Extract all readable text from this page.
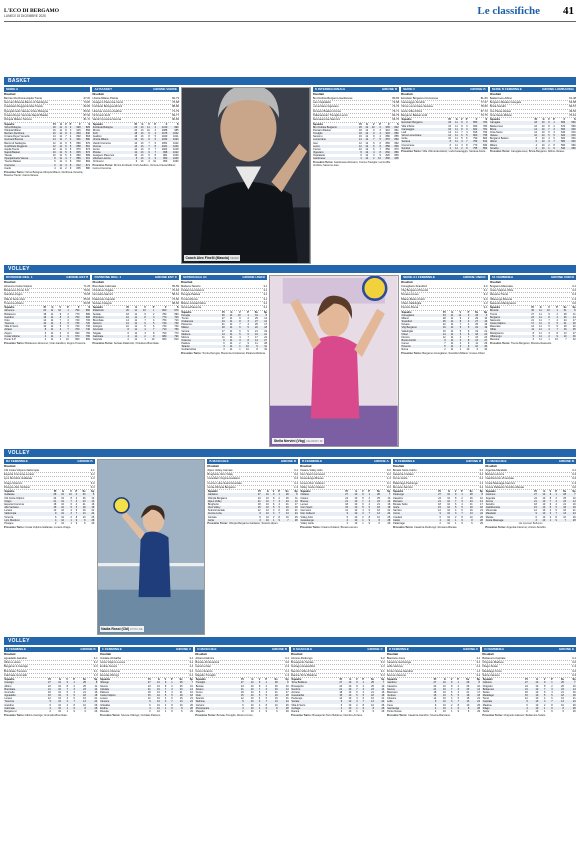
L'ECO DI BERGAMO
LUNEDÌ 15 DICEMBRE 2025	Le classifiche 41
BASKET
SERIE A
Risultati
Bertram Derthona-Aquila Trento	67-60
Germani Brescia-Banco di Sardegna	73-87
UnaHotels Reggio Emilia-Trieste	82-80
Openjobmetis Varese-Virtus Bologna	83-93
Umana Reyer Venezia-Napoli Basket	87-93
Olimpia Milano-Tortona	81-74
Squadre	Pt	G	V	P	F	S
Virtus Bologna	18	11	9	2	920	829
Olimpia Milano	16	11	8	3	915	856
Bertram Derthona	16	11	8	3	893	840
Umana Reyer Venezia	14	11	7	4	892	863
Germani Brescia	14	11	7	4	901	880
Banco di Sardegna	12	11	6	5	880	870
UnaHotels Reggio E.	12	11	6	5	858	861
Aquila Trento	12	11	6	5	870	874
Napoli Basket	10	11	5	6	845	872
Trieste	10	11	5	6	860	889
Openjobmetis Varese	8	11	4	7	866	901
Treviso Basket	6	11	3	8	830	884
Cremona	6	11	3	8	812	871
Cantù	4	11	2	9	805	880
Prossimo Turno: Virtus Bologna-Olimpia Milano; Derthona-Venezia; Brescia-Trento; Cantù-Varese.
A2 BASKET	GIRONE VERDE
Risultati
Urania Milano-Pistoia	82-73
Assigeco Piacenza-Cento	76-68
Fortitudo Bologna-Rimini	88-80
Libertas Livorno-Avellino	71-79
Orzinuovi-Forlì	69-77
Vanoli Cremona-Verona	90-84
Squadre	Pt	G	V	P	F	S
Fortitudo Bologna	22	13	11	2	1110	990
Rimini	20	13	10	3	1088	985
Forlì	18	13	9	4	1075	1002
Avellino	16	13	8	5	1040	1011
Urania Milano	16	13	8	5	1032	1020
Vanoli Cremona	14	13	7	6	1051	1042
Verona	14	13	7	6	1021	1030
Cento	12	13	6	7	1004	1018
Pistoia	12	13	6	7	998	1022
Assigeco Piacenza	10	13	5	8	981	1030
Libertas Livorno	8	13	4	9	960	1040
Orzinuovi	6	13	3	10	950	1060
Prossimo Turno: Rimini-Fortitudo; Forlì-Avellino; Verona-Urania Milano; Cento-Cremona.
Coach Alex Finelli (Mascia) CESARI
B INTERREGIONALE	GIRONE B
Risultati
Blu Orobica Bergamo-Gardonese	80-65
Iseo-Ospitaletto	72-68
Lumezzane-Vigevano	74-70
Romano Basket-Crema	76-71
Pallacanestro Treviglio-Lecco	84-79
Sanmaurense-Saronno	66-70
Squadre	Pt	G	V	P	F	S
Blu Orobica Bergamo	20	12	10	2	935	842
Romano Basket	18	12	9	3	910	861
Treviglio	18	12	9	3	903	850
Saronno	16	12	8	4	880	855
Lumezzane	14	12	7	5	870	860
Iseo	12	12	6	6	865	862
Lecco	12	12	6	6	858	866
Crema	10	12	5	7	850	870
Vigevano	8	12	4	8	832	880
Ospitaletto	6	12	3	9	820	890
Gardonese	4	12	2	10	800	905
Prossimo Turno: Gardonese-Romano; Crema-Treviglio; Lecco-Blu Orobica; Saronno-Iseo.
SERIE C	GIRONE B
Risultati
Excelsior Bergamo-Cremonese	81-69
Caravaggio-Sondrio	77-67
Virtus Lumezzane-Seriana	78-66
Gorle-Villa d'Almè	67-73
Bergamo Basket-Lodi	70-75
Squadre	Pt	G	V	P	F	S
Excelsior Bergamo	18	11	9	2	850	760
Villa d'Almè	16	11	8	3	830	780
Caravaggio	16	11	8	3	822	781
Lodi	14	11	7	4	815	790
Virtus Lumezzane	12	11	6	5	800	795
Gorle	10	11	5	6	790	800
Seriana	8	11	4	7	780	812
Cremonese	6	11	3	8	770	830
Sondrio	4	11	2	9	755	850
Prossimo Turno: Villa d'Almè-Excelsior; Lodi-Caravaggio; Seriana-Gorle.
SERIE B FEMMINILE	GIRONE LOMBARDIA
Risultati
Basket Iseo-Albino	61-48
Bergamo Basket-Carugate	53-58
Brixia-Sondrio	66-57
Cus Pavia-Varese	49-52
Orsa Sesto-Milano	70-61
Squadre	Pt	G	V	P	F	S
Carugate	18	10	9	1	690	560
Basket Iseo	16	10	8	2	670	590
Brixia	14	10	7	3	650	600
Orsa Sesto	12	10	6	4	640	610
Varese	10	10	5	5	620	615
Bergamo Basket	8	10	4	6	600	630
Albino	6	10	3	7	580	640
Milano	4	10	2	8	560	660
Sondrio	2	10	1	9	540	680
Prossimo Turno: Carugate-Iseo; Brixia-Bergamo; Albino-Varese.
VOLLEY
DIVISIONE REG. 1	GIRONE EST B
Risultati
Almenno-Costa Volpino	71-66
Bottanuco-Ponte S.P.	79-63
Gandino-Zogno	70-55
Villa di Serio-Osio	65-69
Trescore-Alzano	60-58
Squadre	Pt	G	V	P	F	S
Almenno	20	11	10	1	790	660
Bottanuco	18	11	9	2	770	680
Gandino	16	11	8	3	760	690
Osio	14	11	7	4	740	700
Trescore	12	11	6	5	730	720
Villa di Serio	10	11	5	6	720	730
Alzano	8	11	4	7	700	740
Zogno	6	11	3	8	690	760
Costa Volpino	4	11	2	9	670	780
Ponte S.P.	2	11	1	10	650	800
Prossimo Turno: Bottanuco-Almenno; Osio-Gandino; Zogno-Trescore.
DIVISIONE REG. 1	GIRONE EST C
Risultati
Brembate-Calcinate	65-59
Chiuduno-Telgate	70-64
Grumello-Sarnico	58-61
Palazzolo-Capriolo	72-60
Seriate-Cologno	68-66
Squadre	Pt	G	V	P	F	S
Palazzolo	20	11	10	1	800	670
Seriate	18	11	9	2	780	690
Chiuduno	16	11	8	3	770	700
Brembate	14	11	7	4	750	710
Sarnico	12	11	6	5	740	730
Cologno	10	11	5	6	730	740
Grumello	8	11	4	7	710	750
Telgate	6	11	3	8	700	770
Calcinate	4	11	2	9	680	790
Capriolo	2	11	1	10	660	810
Prossimo Turno: Seriate-Palazzolo; Chiuduno-Brembate.
SUPERLEGA A1	GIRONE UNICO
Risultati
Modena-Taranto	3-0
Civitanova-Cisterna	3-1
Perugia-Padova	3-0
Trento-Monza	3-2
Milano-Grottazzolina	3-1
Verona-Piacenza	3-2
Squadre	Pt	G	V	P	Sv	Sp
Perugia	30	11	10	1	31	8
Trento	27	11	9	2	29	12
Civitanova	24	11	8	3	27	14
Piacenza	21	11	7	4	25	17
Milano	18	11	6	5	22	18
Verona	17	11	6	5	21	19
Modena	14	11	5	6	19	21
Monza	11	11	4	7	17	24
Cisterna	9	11	3	8	14	27
Padova	6	11	2	9	11	28
Taranto	4	11	1	10	9	31
Grottazzolina	3	11	1	10	8	32
Prossimo Turno: Trento-Perugia; Piacenza-Civitanova; Padova-Modena.
Stella Nervini (Vbg) GALOSATI / FF
SERIE A1 FEMMINILE	GIRONE UNICO
Risultati
Conegliano-Scandicci	3-0
Vbg Bergamo-Pinerolo	3-1
Novara-Cuneo	3-2
Milano-Busto Arsizio	3-0
Chieri-Vallefoglia	1-3
Firenze-Roma	3-1
Squadre	Pt	G	V	P	Sv	Sp
Conegliano	33	11	11	0	33	3
Milano	28	11	9	2	29	10
Scandicci	25	11	8	3	27	13
Novara	22	11	7	4	25	16
Vbg Bergamo	19	11	6	5	22	19
Vallefoglia	16	11	5	6	19	21
Chieri	14	11	5	6	18	22
Firenze	12	11	4	7	16	24
Busto Arsizio	9	11	3	8	13	27
Cuneo	7	11	2	9	11	29
Pinerolo	5	11	2	9	10	30
Roma	2	11	1	10	6	32
Prossimo Turno: Bergamo-Conegliano; Scandicci-Milano; Cuneo-Chieri.
A1 FEMMINILE	GIRONE UNICO
Risultati
Bergamo-Macerata	3-1
Costa Volpino-Olbia	3-2
Messina-Trento	0-3
Offanengo-Brescia	1-3
Sassuolo-Martignacco	3-0
Squadre	Pt	G	V	P	Sv	Sp
Brescia	30	11	10	1	31	9
Trento	27	11	9	2	28	11
Bergamo	24	11	8	3	26	14
Sassuolo	21	11	7	4	24	17
Costa Volpino	17	11	6	5	21	20
Macerata	14	11	5	6	18	22
Olbia	11	11	4	7	16	25
Martignacco	8	11	3	8	13	27
Offanengo	5	11	2	9	10	30
Messina	3	11	1	10	7	32
Prossimo Turno: Trento-Bergamo; Brescia-Sassuolo.
VOLLEY
B2 FEMMINILE	GIRONE B
Risultati
Cbl Costa Volpino-Valtrompia	3-1
Esperia Cremona-Lurano	3-2
Lpm Mondovì-Gallarate	1-3
Orago-Vicenza	3-0
Pisogne-Alto Verbano	0-3
Squadre	Pt	G	V	P	Sv	Sp
Gallarate	28	10	10	0	30	5
Cbl Costa Volpino	24	10	8	2	26	10
Orago	21	10	7	3	23	13
Esperia Cremona	18	10	6	4	21	16
Alto Verbano	15	10	5	5	18	18
Lurano	12	10	4	6	16	21
Valtrompia	9	10	3	7	13	24
Vicenza	6	10	2	8	10	26
Lpm Mondovì	4	10	1	9	8	28
Pisogne	2	10	1	9	6	29
Prossimo Turno: Costa Volpino-Gallarate; Lurano-Orago.
Nadia Rossi (Cbl) FOTO LIVE
B MASCHILE	GIRONE B
Risultati
Alpen Volley-Carnate	3-1
Brugherio-Vero Volley	3-2
Canottieri Ongina-Garlasco	0-3
Cucine Lube-Scanzorosciate	3-1
Gorla-Olimpia Bergamo	1-3
Squadre	Pt	G	V	P	Sv	Sp
Garlasco	27	10	9	1	28	8
Olimpia Bergamo	24	10	8	2	26	11
Alpen Volley	21	10	7	3	23	14
Brugherio	18	10	6	4	21	17
Vero Volley	15	10	5	5	19	19
Scanzorosciate	12	10	4	6	16	21
Cucine Lube	9	10	3	7	13	24
Carnate	6	10	2	8	10	26
Gorla	3	10	1	9	7	28
Prossimo Turno: Olimpia Bergamo-Garlasco; Scanzo-Alpen.
B FEMMINILE	GIRONE A
Risultati
Cisano-Volley Adro	3-0
Csm Sport-Cernusco	3-2
Gossolengo-Bresso	1-3
Lemen-Don Colleoni	3-1
Volley Gorle-Ostiano	0-3
Squadre	Pt	G	V	P	Sv	Sp
Ostiano	27	10	9	1	28	7
Cisano	24	10	8	2	25	10
Bresso	21	10	7	3	23	14
Lemen	18	10	6	4	21	16
Csm Sport	15	10	5	5	18	18
Cernusco	12	10	4	6	16	21
Don Colleoni	9	10	3	7	13	24
Volley Adro	6	10	2	8	10	26
Gossolengo	4	10	1	9	8	28
Volley Gorle	2	10	1	9	6	29
Prossimo Turno: Cisano-Ostiano; Bresso-Lemen.
D FEMMINILE	GIRONE B
Risultati
Bonate Sotto-Calcio	3-1
Casazza-Credaro	3-0
Curno-Gorle	2-3
Palazzago-Pedrengo	1-3
Romano-Sarnico	3-2
Squadre	Pt	G	V	P	Sv	Sp
Pedrengo	27	10	9	1	28	8
Casazza	24	10	8	2	26	10
Romano	21	10	7	3	23	14
Bonate Sotto	18	10	6	4	21	17
Gorle	15	10	5	5	18	18
Sarnico	12	10	4	6	16	21
Curno	9	10	3	7	13	24
Credaro	6	10	2	8	10	26
Calcio	4	10	1	9	8	28
Palazzago	2	10	1	9	6	29
Prossimo Turno: Casazza-Pedrengo; Romano-Bonate.
C MASCHILE	GIRONE B
Risultati
Argentia-Mandello	3-1
Bellusco-Arcore	0-3
Calolziocorte-Vimercate	3-2
Costa Masnaga-Caronno	1-3
Nuova Pallavolo Sondrio-Merate	3-0
Squadre	Pt	G	V	P	Sv	Sp
Caronno	27	10	9	1	28	7
Argentia	24	10	8	2	25	10
Arcore	21	10	7	3	23	14
Sondrio	18	10	6	4	21	16
Calolziocorte	15	10	5	5	18	18
Vimercate	12	10	4	6	16	21
Mandello	9	10	3	7	13	24
Merate	6	10	2	8	10	26
Costa Masnaga	3	10	1	9	7	28
Ha riposato Bellusco
Prossimo Turno: Argentia-Caronno; Arcore-Sondrio.
VOLLEY
C FEMMINILE	GIRONE B
Risultati
Agnadello-Gandino	3-1
Albino-Lurano	3-2
Bergamo 2-Casnigo	0-3
Brembate-Trescore	3-1
Calcinate-Grumello	1-3
Squadre	Pt	G	V	P	Sv	Sp
Casnigo	27	10	9	1	28	8
Albino	24	10	8	2	25	11
Brembate	21	10	7	3	23	14
Grumello	18	10	6	4	21	16
Agnadello	15	10	5	5	18	18
Lurano	12	10	4	6	16	21
Trescore	9	10	3	7	13	24
Gandino	6	10	2	8	10	26
Calcinate	4	10	1	9	8	28
Bergamo 2	2	10	1	9	6	29
Prossimo Turno: Albino-Casnigo; Grumello-Brembate.
C FEMMINILE	GIRONE C
Risultati
Cividate-Ghisalba	3-0
Costa Volpino-Lovere	3-2
Endine-Sovere	1-3
Palosco-Clusone	3-1
Rovetta-Villongo	0-3
Squadre	Pt	G	V	P	Sv	Sp
Villongo	27	10	9	1	28	7
Sovere	24	10	8	2	25	10
Cividate	21	10	7	3	23	14
Palosco	18	10	6	4	21	16
Costa Volpino	15	10	5	5	18	18
Lovere	12	10	4	6	16	21
Clusone	9	10	3	7	13	24
Ghisalba	6	10	2	8	10	26
Endine	4	10	1	9	8	28
Rovetta	2	10	1	9	6	29
Prossimo Turno: Sovere-Villongo; Cividate-Palosco.
D MASCHILE	GIRONE B
Risultati
Alzano-Dalmine	3-1
Bonate-Ponteranica	3-0
Carvico-Osio	2-3
Curno-Scanzo	3-1
Mapello-Treviglio	1-3
Squadre	Pt	G	V	P	Sv	Sp
Treviglio	27	10	9	1	28	8
Bonate	24	10	8	2	26	10
Alzano	21	10	7	3	23	14
Curno	18	10	6	4	21	17
Osio	15	10	5	5	18	18
Scanzo	12	10	4	6	16	21
Dalmine	9	10	3	7	13	24
Carvico	6	10	2	8	10	26
Ponteranica	4	10	1	9	8	28
Mapello	2	10	1	9	6	29
Prossimo Turno: Bonate-Treviglio; Alzano-Curno.
D MASCHILE	GIRONE C
Risultati
Azzano-Pedrengo	3-2
Brusaporto-Seriate	3-0
Gorlago-Grassobbio	1-3
Nembro-Villa di Serio	3-1
Ranica-Torre Boldone	0-3
Squadre	Pt	G	V	P	Sv	Sp
Torre Boldone	27	10	9	1	28	7
Brusaporto	24	10	8	2	25	10
Nembro	21	10	7	3	23	14
Azzano	18	10	6	4	21	16
Grassobbio	15	10	5	5	18	18
Pedrengo	12	10	4	6	16	21
Seriate	9	10	3	7	13	24
Villa di Serio	6	10	2	8	10	26
Gorlago	4	10	1	9	8	28
Ranica	2	10	1	9	6	29
Prossimo Turno: Brusaporto-Torre Boldone; Nembro-Azzano.
D FEMMINILE	GIRONE C
Risultati
Bianzano-Cene	3-1
Casazza-Gazzaniga	3-0
Leffe-Vertova	2-3
Ponte Nossa-Gandino	1-3
Sovere-Clusone	3-2
Squadre	Pt	G	V	P	Sv	Sp
Gandino	27	10	9	1	28	8
Casazza	24	10	8	2	26	10
Sovere	21	10	7	3	23	14
Bianzano	18	10	6	4	21	17
Vertova	15	10	5	5	18	18
Clusone	12	10	4	6	16	21
Leffe	9	10	3	7	13	24
Cene	6	10	2	8	10	26
Gazzaniga	4	10	1	9	8	28
Ponte Nossa	2	10	1	9	6	29
Prossimo Turno: Casazza-Gandino; Sovere-Bianzano.
D FEMMINILE	GIRONE E
Risultati
Bottanuco-Capriate	3-1
Chignolo-Madone	3-0
Filago-Suisio	1-3
Medolago-Terno	3-2
Solza-Calusco	0-3
Squadre	Pt	G	V	P	Sv	Sp
Calusco	27	10	9	1	28	7
Chignolo	24	10	8	2	25	10
Bottanuco	21	10	7	3	23	14
Suisio	18	10	6	4	21	16
Medolago	15	10	5	5	18	18
Terno	12	10	4	6	16	21
Capriate	9	10	3	7	13	24
Madone	6	10	2	8	10	26
Filago	4	10	1	9	8	28
Solza	2	10	1	9	6	29
Prossimo Turno: Chignolo-Calusco; Bottanuco-Suisio.
